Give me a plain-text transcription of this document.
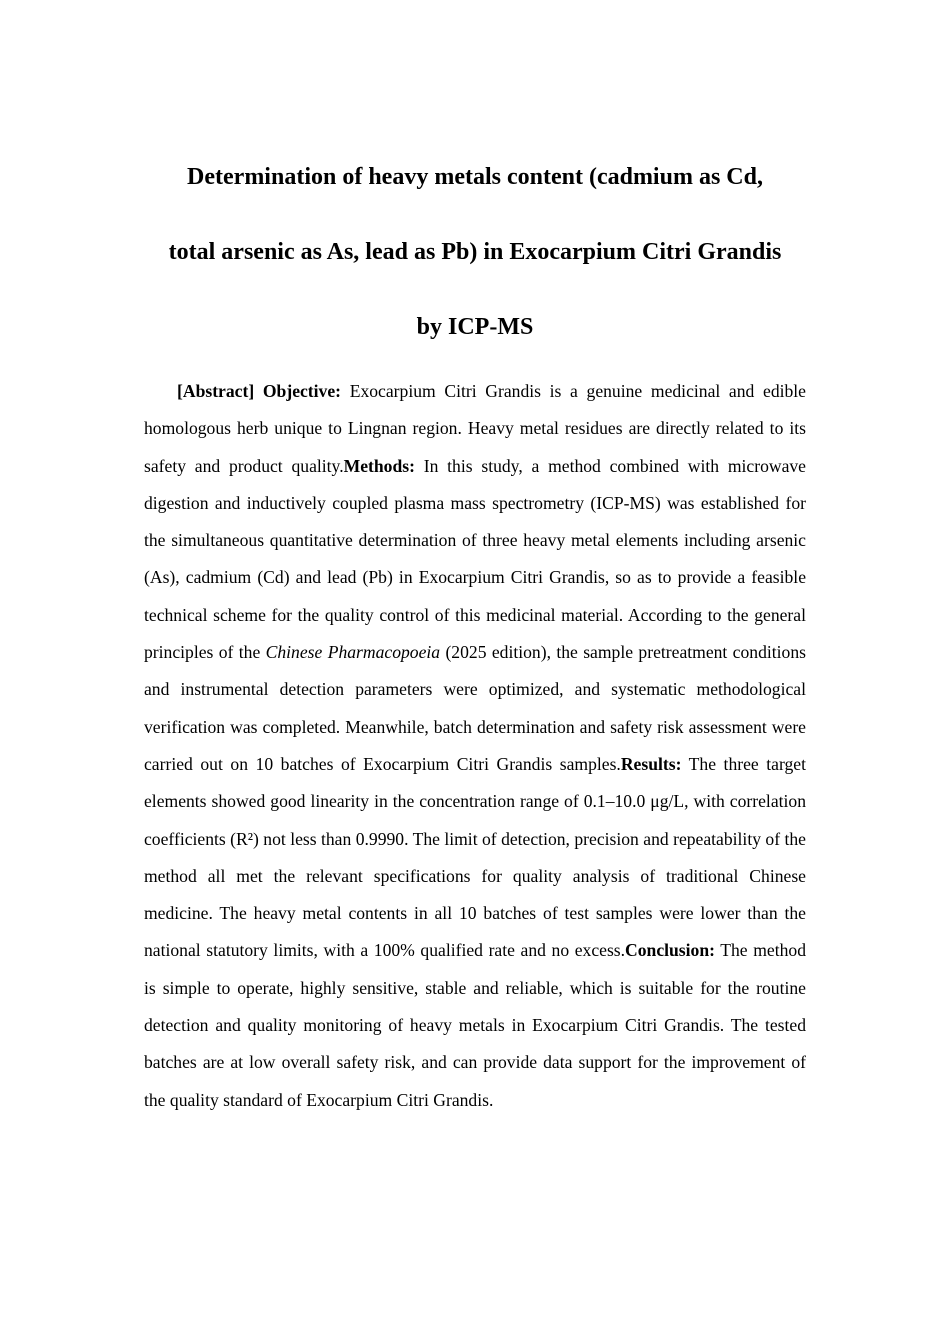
Determination of heavy metals content (cadmium as Cd,
total arsenic as As, lead as Pb) in Exocarpium Citri Grandis
by ICP-MS

[Abstract] Objective: Exocarpium Citri Grandis is a genuine medicinal and edible homologous herb unique to Lingnan region. Heavy metal residues are directly related to its safety and product quality.Methods: In this study, a method combined with microwave digestion and inductively coupled plasma mass spectrometry (ICP-MS) was established for the simultaneous quantitative determination of three heavy metal elements including arsenic (As), cadmium (Cd) and lead (Pb) in Exocarpium Citri Grandis, so as to provide a feasible technical scheme for the quality control of this medicinal material. According to the general principles of the Chinese Pharmacopoeia (2025 edition), the sample pretreatment conditions and instrumental detection parameters were optimized, and systematic methodological verification was completed. Meanwhile, batch determination and safety risk assessment were carried out on 10 batches of Exocarpium Citri Grandis samples.Results: The three target elements showed good linearity in the concentration range of 0.1–10.0 μg/L, with correlation coefficients (R²) not less than 0.9990. The limit of detection, precision and repeatability of the method all met the relevant specifications for quality analysis of traditional Chinese medicine. The heavy metal contents in all 10 batches of test samples were lower than the national statutory limits, with a 100% qualified rate and no excess.Conclusion: The method is simple to operate, highly sensitive, stable and reliable, which is suitable for the routine detection and quality monitoring of heavy metals in Exocarpium Citri Grandis. The tested batches are at low overall safety risk, and can provide data support for the improvement of the quality standard of Exocarpium Citri Grandis.
